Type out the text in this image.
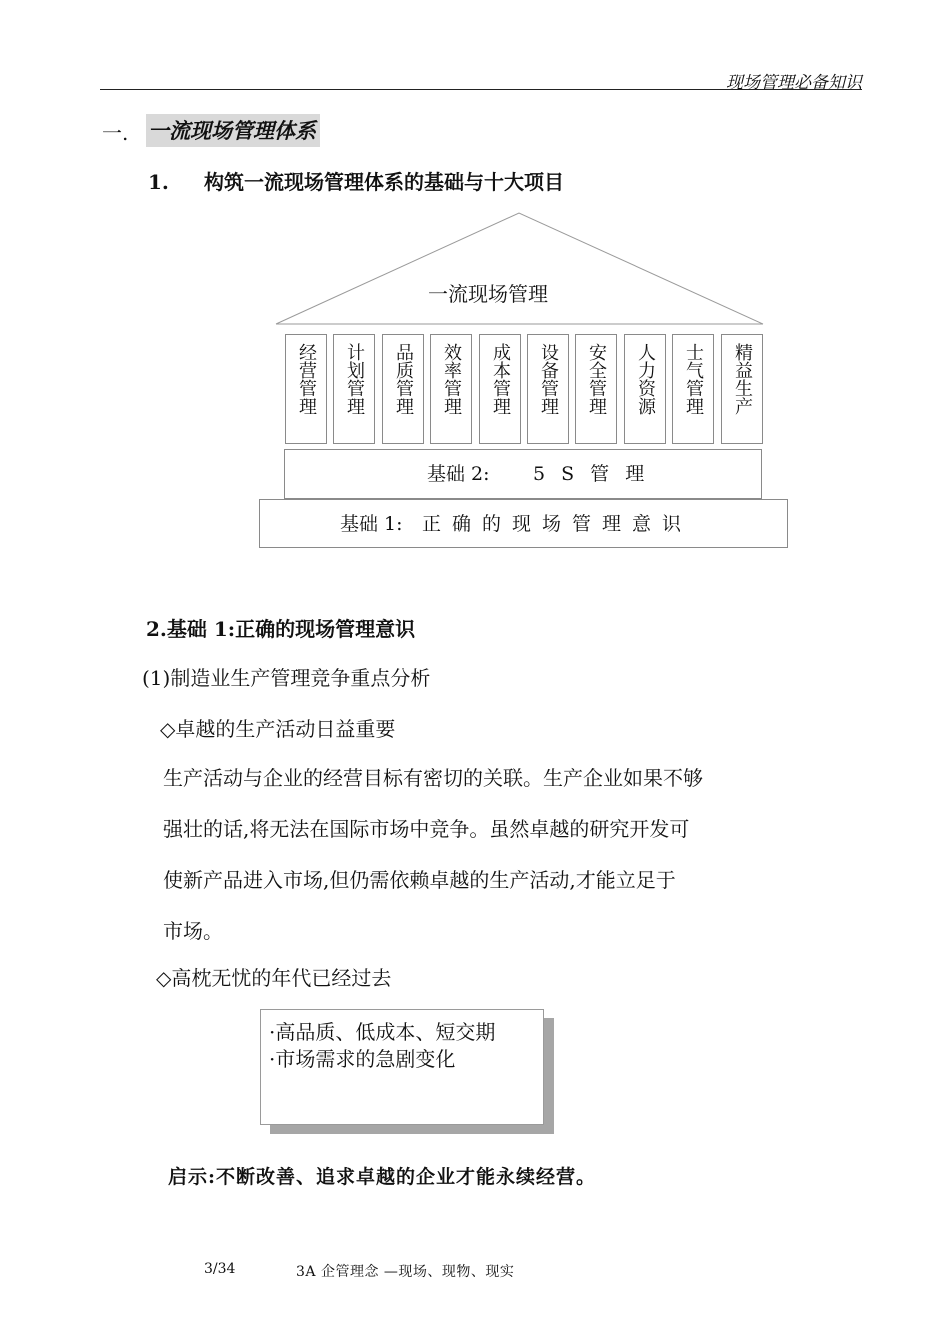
现场管理必备知识
一. 一流现场管理体系
1. 构筑一流现场管理体系的基础与十大项目
一流现场管理
经营管理 计划管理 品质管理 效率管理 成本管理 设备管理 安全管理 人力资源 士气管理 精益生产
基础 2: 5 S 管 理
基础 1: 正确的现场管理意识
2.基础 1:正确的现场管理意识
(1)制造业生产管理竞争重点分析
◇卓越的生产活动日益重要
生产活动与企业的经营目标有密切的关联。生产企业如果不够
强壮的话,将无法在国际市场中竞争。虽然卓越的研究开发可
使新产品进入市场,但仍需依赖卓越的生产活动,才能立足于
市场。
◇高枕无忧的年代已经过去
·高品质、低成本、短交期
·市场需求的急剧变化
启示:不断改善、追求卓越的企业才能永续经营。
3/34	3A 企管理念 —现场、现物、现实
